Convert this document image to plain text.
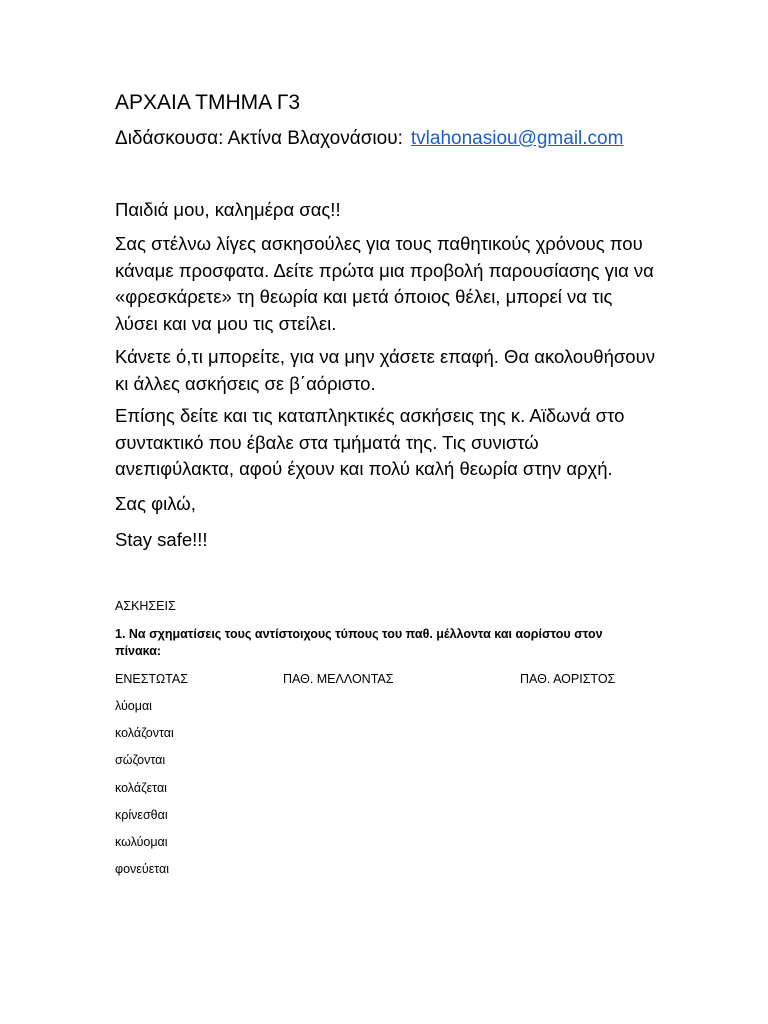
ΑΡΧΑΙΑ ΤΜΗΜΑ Γ3
Διδάσκουσα: Ακτίνα Βλαχονάσιου: tvlahonasiou@gmail.com

Παιδιά μου, καλημέρα σας!!

Σας στέλνω λίγες ασκησούλες για τους παθητικούς χρόνους που κάναμε προσφατα. Δείτε πρώτα μια προβολή παρουσίασης για να «φρεσκάρετε» τη θεωρία και μετά όποιος θέλει, μπορεί να τις λύσει και να μου τις στείλει.

Κάνετε ό,τι μπορείτε, για να μην χάσετε επαφή. Θα ακολουθήσουν κι άλλες ασκήσεις σε β΄αόριστο.

Επίσης δείτε και τις καταπληκτικές ασκήσεις της κ. Αϊδωνά στο συντακτικό που έβαλε στα τμήματά της. Τις συνιστώ ανεπιφύλακτα, αφού έχουν και πολύ καλή θεωρία στην αρχή.

Σας φιλώ,

Stay safe!!!

ΑΣΚΗΣΕΙΣ

1. Να σχηματίσεις τους αντίστοιχους τύπους του παθ. μέλλοντα και αορίστου στον πίνακα:

ΕΝΕΣΤΩΤΑΣ	ΠΑΘ. ΜΕΛΛΟΝΤΑΣ	ΠΑΘ. ΑΟΡΙΣΤΟΣ
λύομαι
κολάζονται
σώζονται
κολάζεται
κρίνεσθαι
κωλύομαι
φονεύεται
